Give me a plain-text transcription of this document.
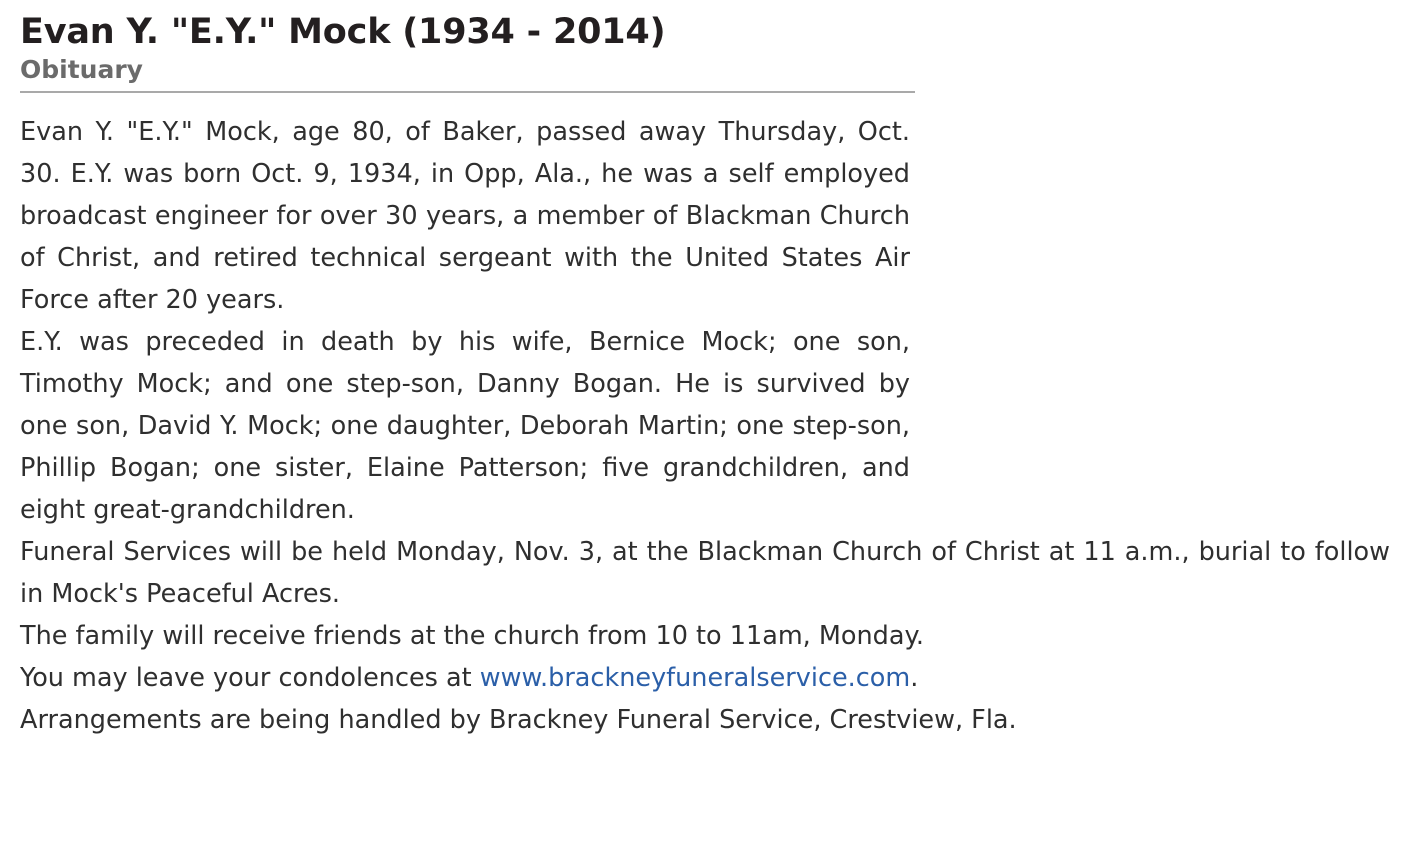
Evan Y. "E.Y." Mock (1934 - 2014)
Obituary

Evan Y. "E.Y." Mock, age 80, of Baker, passed away Thursday, Oct. 30. E.Y. was born Oct. 9, 1934, in Opp, Ala., he was a self employed broadcast engineer for over 30 years, a member of Blackman Church of Christ, and retired technical sergeant with the United States Air Force after 20 years.

E.Y. was preceded in death by his wife, Bernice Mock; one son, Timothy Mock; and one step-son, Danny Bogan. He is survived by one son, David Y. Mock; one daughter, Deborah Martin; one step-son, Phillip Bogan; one sister, Elaine Patterson; five grandchildren, and eight great-grandchildren.

Funeral Services will be held Monday, Nov. 3, at the Blackman Church of Christ at 11 a.m., burial to follow in Mock's Peaceful Acres.

The family will receive friends at the church from 10 to 11am, Monday.

You may leave your condolences at www.brackneyfuneralservice.com.

Arrangements are being handled by Brackney Funeral Service, Crestview, Fla.
